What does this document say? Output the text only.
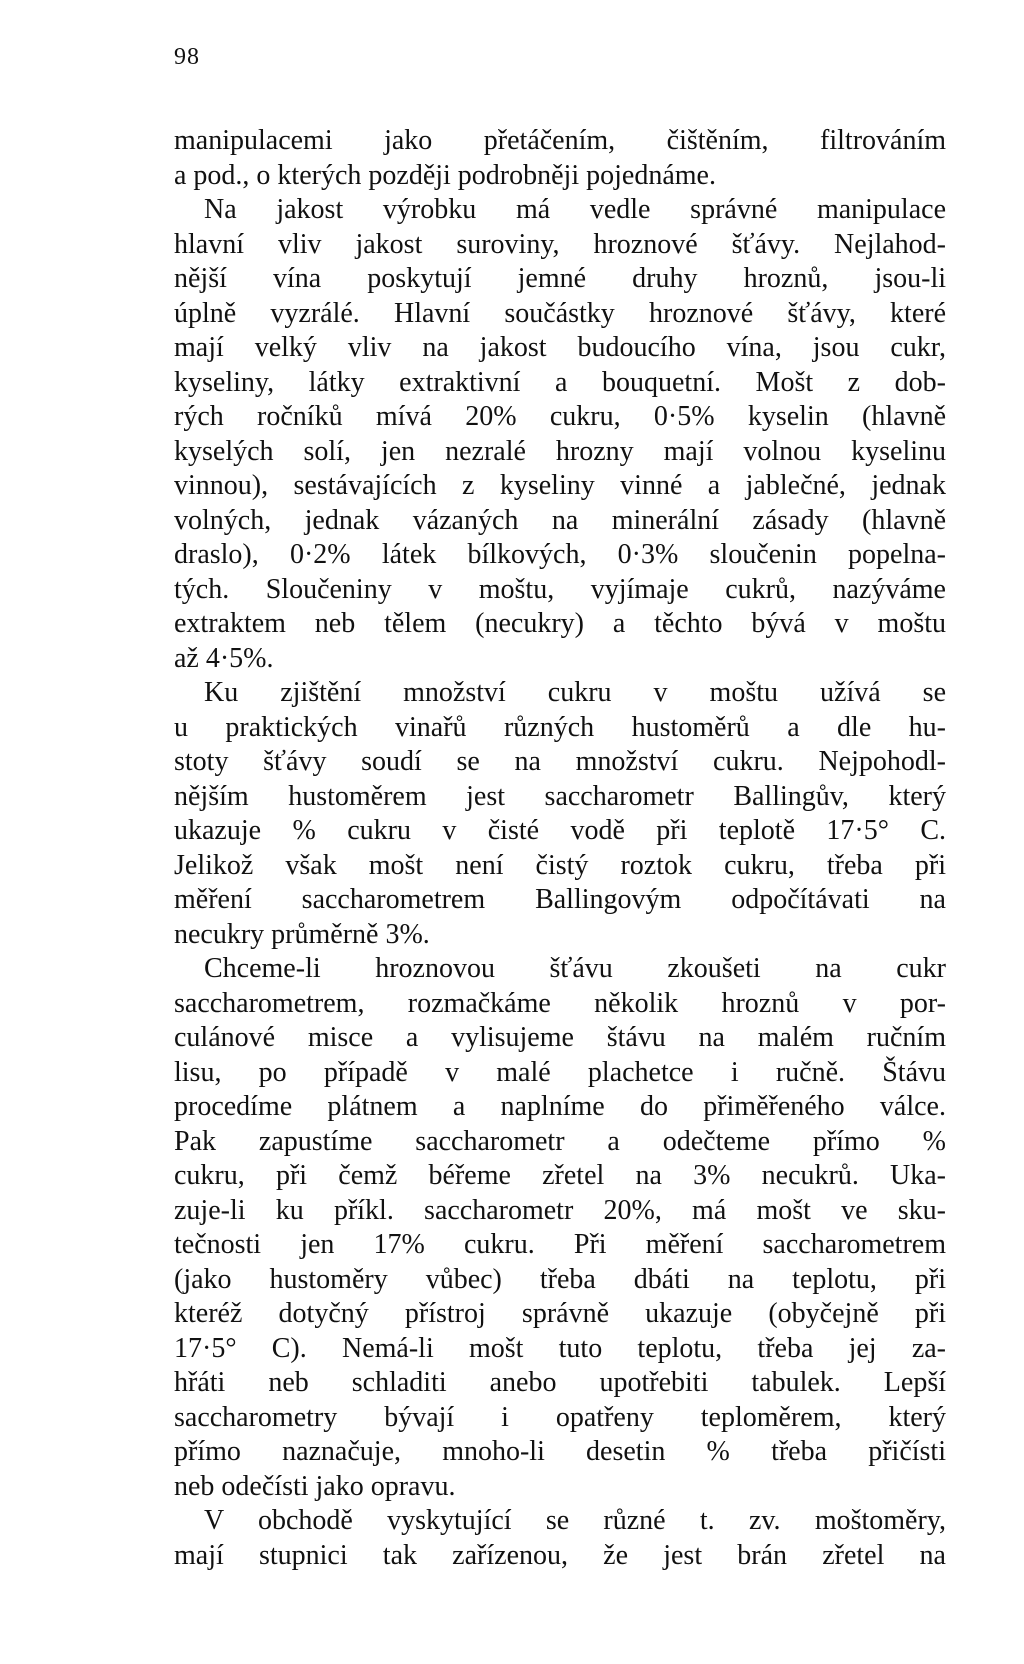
98
manipulacemi jako přetáčením, čištěním, filtrováním
a pod., o kterých později podrobněji pojednáme.
Na jakost výrobku má vedle správné manipulace
hlavní vliv jakost suroviny, hroznové šťávy. Nejlahod-
nější vína poskytují jemné druhy hroznů, jsou-li
úplně vyzrálé. Hlavní součástky hroznové šťávy, které
mají velký vliv na jakost budoucího vína, jsou cukr,
kyseliny, látky extraktivní a bouquetní. Mošt z dob-
rých ročníků mívá 20% cukru, 0·5% kyselin (hlavně
kyselých solí, jen nezralé hrozny mají volnou kyselinu
vinnou), sestávajících z kyseliny vinné a jablečné, jednak
volných, jednak vázaných na minerální zásady (hlavně
draslo), 0·2% látek bílkových, 0·3% sloučenin popelna-
tých. Sloučeniny v moštu, vyjímaje cukrů, nazýváme
extraktem neb tělem (necukry) a těchto bývá v moštu
až 4·5%.
Ku zjištění množství cukru v moštu užívá se
u praktických vinařů různých hustoměrů a dle hu-
stoty šťávy soudí se na množství cukru. Nejpohodl-
nějším hustoměrem jest saccharometr Ballingův, který
ukazuje % cukru v čisté vodě při teplotě 17·5° C.
Jelikož však mošt není čistý roztok cukru, třeba při
měření saccharometrem Ballingovým odpočítávati na
necukry průměrně 3%.
Chceme-li hroznovou šťávu zkoušeti na cukr
saccharometrem, rozmačkáme několik hroznů v por-
culánové misce a vylisujeme štávu na malém ručním
lisu, po případě v malé plachetce i ručně. Štávu
procedíme plátnem a naplníme do přiměřeného válce.
Pak zapustíme saccharometr a odečteme přímo %
cukru, při čemž béřeme zřetel na 3% necukrů. Uka-
zuje-li ku příkl. saccharometr 20%, má mošt ve sku-
tečnosti jen 17% cukru. Při měření saccharometrem
(jako hustoměry vůbec) třeba dbáti na teplotu, při
kteréž dotyčný přístroj správně ukazuje (obyčejně při
17·5° C). Nemá-li mošt tuto teplotu, třeba jej za-
hřáti neb schladiti anebo upotřebiti tabulek. Lepší
saccharometry bývají i opatřeny teploměrem, který
přímo naznačuje, mnoho-li desetin % třeba přičísti
neb odečísti jako opravu.
V obchodě vyskytující se různé t. zv. moštoměry,
mají stupnici tak zařízenou, že jest brán zřetel na
